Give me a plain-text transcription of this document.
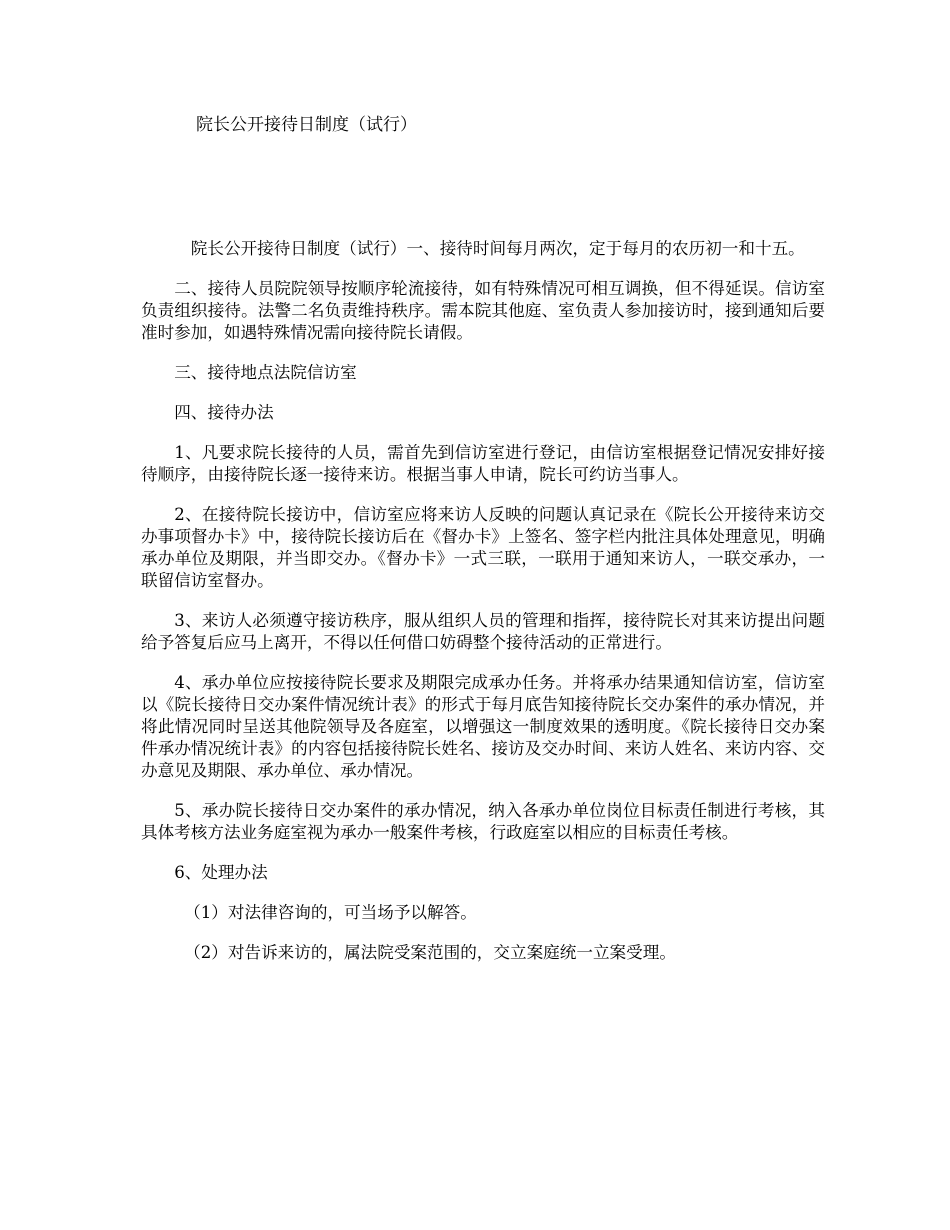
院长公开接待日制度（试行）

院长公开接待日制度（试行）一、接待时间每月两次，定于每月的农历初一和十五。

二、接待人员院院领导按顺序轮流接待，如有特殊情况可相互调换，但不得延误。信访室负责组织接待。法警二名负责维持秩序。需本院其他庭、室负责人参加接访时，接到通知后要准时参加，如遇特殊情况需向接待院长请假。

三、接待地点法院信访室

四、接待办法

1、凡要求院长接待的人员，需首先到信访室进行登记，由信访室根据登记情况安排好接待顺序，由接待院长逐一接待来访。根据当事人申请，院长可约访当事人。

2、在接待院长接访中，信访室应将来访人反映的问题认真记录在《院长公开接待来访交办事项督办卡》中，接待院长接访后在《督办卡》上签名、签字栏内批注具体处理意见，明确承办单位及期限，并当即交办。《督办卡》一式三联，一联用于通知来访人，一联交承办，一联留信访室督办。

3、来访人必须遵守接访秩序，服从组织人员的管理和指挥，接待院长对其来访提出问题给予答复后应马上离开，不得以任何借口妨碍整个接待活动的正常进行。

4、承办单位应按接待院长要求及期限完成承办任务。并将承办结果通知信访室，信访室以《院长接待日交办案件情况统计表》的形式于每月底告知接待院长交办案件的承办情况，并将此情况同时呈送其他院领导及各庭室，以增强这一制度效果的透明度。《院长接待日交办案件承办情况统计表》的内容包括接待院长姓名、接访及交办时间、来访人姓名、来访内容、交办意见及期限、承办单位、承办情况。

5、承办院长接待日交办案件的承办情况，纳入各承办单位岗位目标责任制进行考核，其具体考核方法业务庭室视为承办一般案件考核，行政庭室以相应的目标责任考核。

6、处理办法

（1）对法律咨询的，可当场予以解答。

（2）对告诉来访的，属法院受案范围的，交立案庭统一立案受理。
